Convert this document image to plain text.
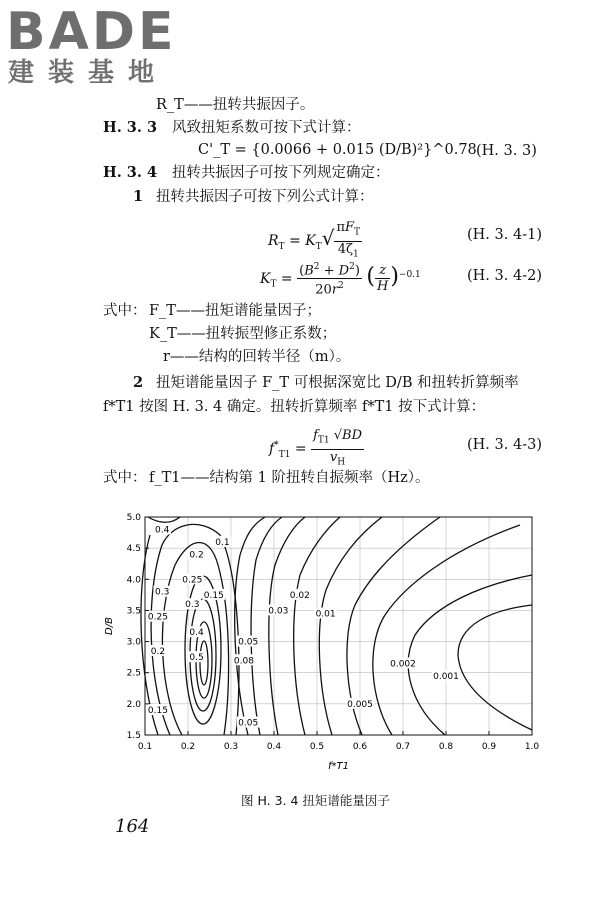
BADE
建装基地
R_T——扭转共振因子。
H. 3. 3 风致扭矩系数可按下式计算：
C'_T = {0.0066 + 0.015 (D/B)²}^0.78 (H. 3. 3)
H. 3. 4 扭转共振因子可按下列规定确定：
1 扭转共振因子可按下列公式计算：
$R_T = K_T√ \frac{\pi F_T}{4\zeta_1}$	(H. 3. 4-1)
$K_T = \frac{(B^2 + D^2)}{20r^2}$ ( $\frac{z}{H} )^{-0.1}$	(H. 3. 4-2)
式中： F_T——扭矩谱能量因子；
K_T——扭转振型修正系数；
r——结构的回转半径（m）。
2 扭矩谱能量因子 F_T 可根据深宽比 D/B 和扭转折算频率
f*T1 按图 H. 3. 4 确定。扭转折算频率 f*T1 按下式计算：
$f^*_{T1} = \frac{f_{T1} √BD}{v_H}$	(H. 3. 4-3)
式中： f_T1——结构第 1 阶扭转自振频率（Hz）。
0.4
0.2
0.1
0.25
0.3
0.3
0.15
0.25
0.4
0.5
0.2
0.15
0.05
0.08
0.05
0.03
0.02
0.01
0.005
0.002
0.001
0.1	0.2	0.3	0.4	0.5	0.6	0.7	0.8	0.9	1.0
1.5
2.0
2.5
3.0
3.5
4.0
4.5
5.0
f*T1
D/B
图 H. 3. 4 扭矩谱能量因子
164
